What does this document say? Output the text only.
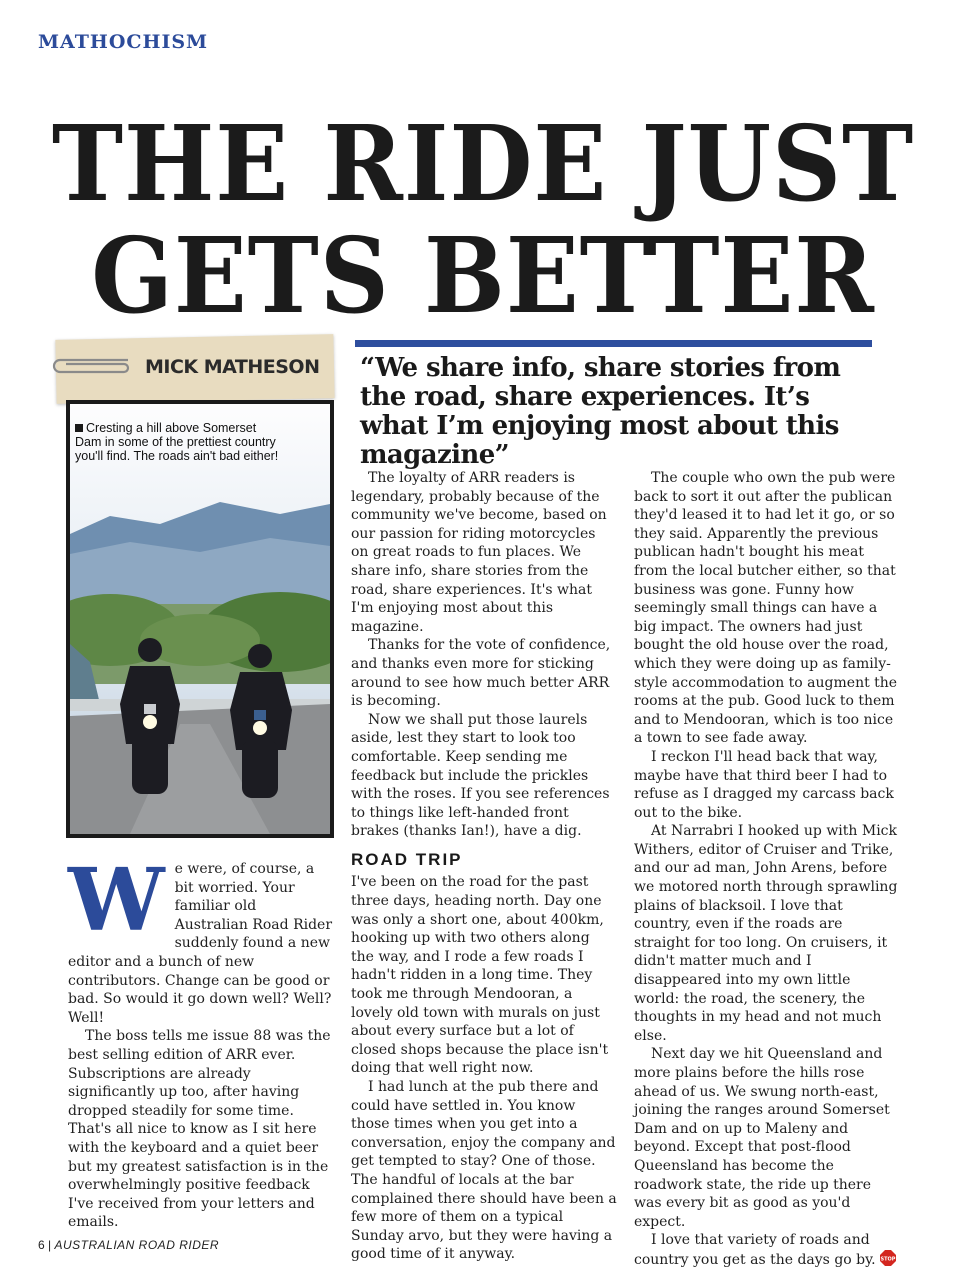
MATHOCHISM
THE RIDE JUST GETS BETTER
MICK MATHESON
Cresting a hill above Somerset Dam in some of the prettiest country you'll find. The roads ain't bad either!

“We share info, share stories from the road, share experiences. It’s what I’m enjoying most about this magazine”

W e were, of course, a bit worried. Your familiar old Australian Road Rider suddenly found a new editor and a bunch of new contributors. Change can be good or bad. So would it go down well? Well? Well!

The boss tells me issue 88 was the best selling edition of ARR ever. Subscriptions are already significantly up too, after having dropped steadily for some time. That's all nice to know as I sit here with the keyboard and a quiet beer but my greatest satisfaction is in the overwhelmingly positive feedback I've received from your letters and emails.

The loyalty of ARR readers is legendary, probably because of the community we've become, based on our passion for riding motorcycles on great roads to fun places. We share info, share stories from the road, share experiences. It's what I'm enjoying most about this magazine.

Thanks for the vote of confidence, and thanks even more for sticking around to see how much better ARR is becoming.

Now we shall put those laurels aside, lest they start to look too comfortable. Keep sending me feedback but include the prickles with the roses. If you see references to things like left-handed front brakes (thanks Ian!), have a dig.

ROAD TRIP

I've been on the road for the past three days, heading north. Day one was only a short one, about 400km, hooking up with two others along the way, and I rode a few roads I hadn't ridden in a long time. They took me through Mendooran, a lovely old town with murals on just about every surface but a lot of closed shops because the place isn't doing that well right now.

I had lunch at the pub there and could have settled in. You know those times when you get into a conversation, enjoy the company and get tempted to stay? One of those. The handful of locals at the bar complained there should have been a few more of them on a typical Sunday arvo, but they were having a good time of it anyway.

The couple who own the pub were back to sort it out after the publican they'd leased it to had let it go, or so they said. Apparently the previous publican hadn't bought his meat from the local butcher either, so that business was gone. Funny how seemingly small things can have a big impact. The owners had just bought the old house over the road, which they were doing up as family-style accommodation to augment the rooms at the pub. Good luck to them and to Mendooran, which is too nice a town to see fade away.

I reckon I'll head back that way, maybe have that third beer I had to refuse as I dragged my carcass back out to the bike.

At Narrabri I hooked up with Mick Withers, editor of Cruiser and Trike, and our ad man, John Arens, before we motored north through sprawling plains of blacksoil. I love that country, even if the roads are straight for too long. On cruisers, it didn't matter much and I disappeared into my own little world: the road, the scenery, the thoughts in my head and not much else.

Next day we hit Queensland and more plains before the hills rose ahead of us. We swung north-east, joining the ranges around Somerset Dam and on up to Maleny and beyond. Except that post-flood Queensland has become the roadwork state, the ride up there was every bit as good as you'd expect.

I love that variety of roads and country you get as the days go by. STOP

6 | AUSTRALIAN ROAD RIDER
